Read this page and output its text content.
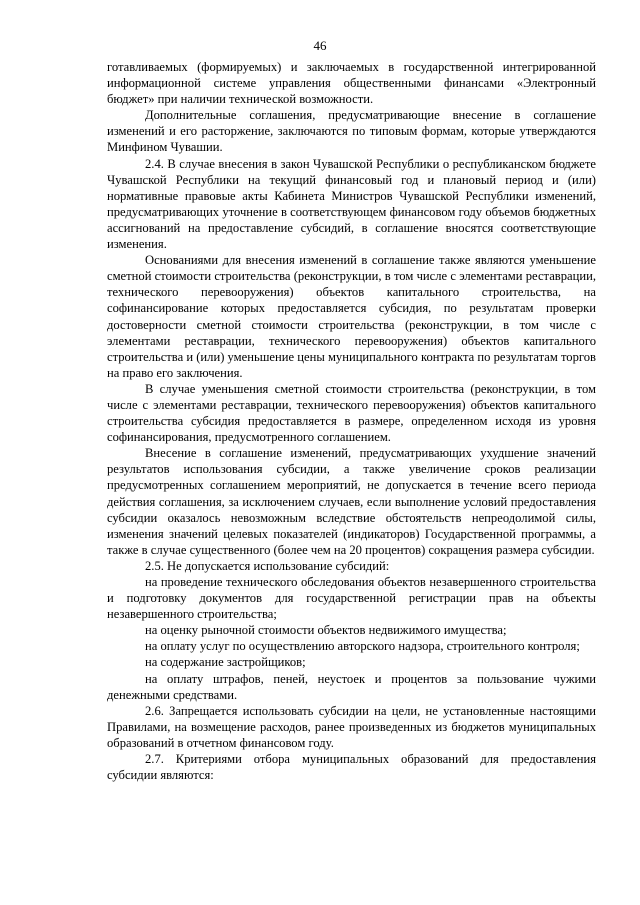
46

готавливаемых (формируемых) и заключаемых в государственной интегрированной информационной системе управления общественными финансами «Электронный бюджет» при наличии технической возможности.

Дополнительные соглашения, предусматривающие внесение в соглашение изменений и его расторжение, заключаются по типовым формам, которые утверждаются Минфином Чувашии.

2.4. В случае внесения в закон Чувашской Республики о республиканском бюджете Чувашской Республики на текущий финансовый год и плановый период и (или) нормативные правовые акты Кабинета Министров Чувашской Республики изменений, предусматривающих уточнение в соответствующем финансовом году объемов бюджетных ассигнований на предоставление субсидий, в соглашение вносятся соответствующие изменения.

Основаниями для внесения изменений в соглашение также являются уменьшение сметной стоимости строительства (реконструкции, в том числе с элементами реставрации, технического перевооружения) объектов капитального строительства, на софинансирование которых предоставляется субсидия, по результатам проверки достоверности сметной стоимости строительства (реконструкции, в том числе с элементами реставрации, технического перевооружения) объектов капитального строительства и (или) уменьшение цены муниципального контракта по результатам торгов на право его заключения.

В случае уменьшения сметной стоимости строительства (реконструкции, в том числе с элементами реставрации, технического перевооружения) объектов капитального строительства субсидия предоставляется в размере, определенном исходя из уровня софинансирования, предусмотренного соглашением.

Внесение в соглашение изменений, предусматривающих ухудшение значений результатов использования субсидии, а также увеличение сроков реализации предусмотренных соглашением мероприятий, не допускается в течение всего периода действия соглашения, за исключением случаев, если выполнение условий предоставления субсидии оказалось невозможным вследствие обстоятельств непреодолимой силы, изменения значений целевых показателей (индикаторов) Государственной программы, а также в случае существенного (более чем на 20 процентов) сокращения размера субсидии.

2.5. Не допускается использование субсидий:

на проведение технического обследования объектов незавершенного строительства и подготовку документов для государственной регистрации прав на объекты незавершенного строительства;

на оценку рыночной стоимости объектов недвижимого имущества;

на оплату услуг по осуществлению авторского надзора, строительного контроля;

на содержание застройщиков;

на оплату штрафов, пеней, неустоек и процентов за пользование чужими денежными средствами.

2.6. Запрещается использовать субсидии на цели, не установленные настоящими Правилами, на возмещение расходов, ранее произведенных из бюджетов муниципальных образований в отчетном финансовом году.

2.7. Критериями отбора муниципальных образований для предоставления субсидии являются:
